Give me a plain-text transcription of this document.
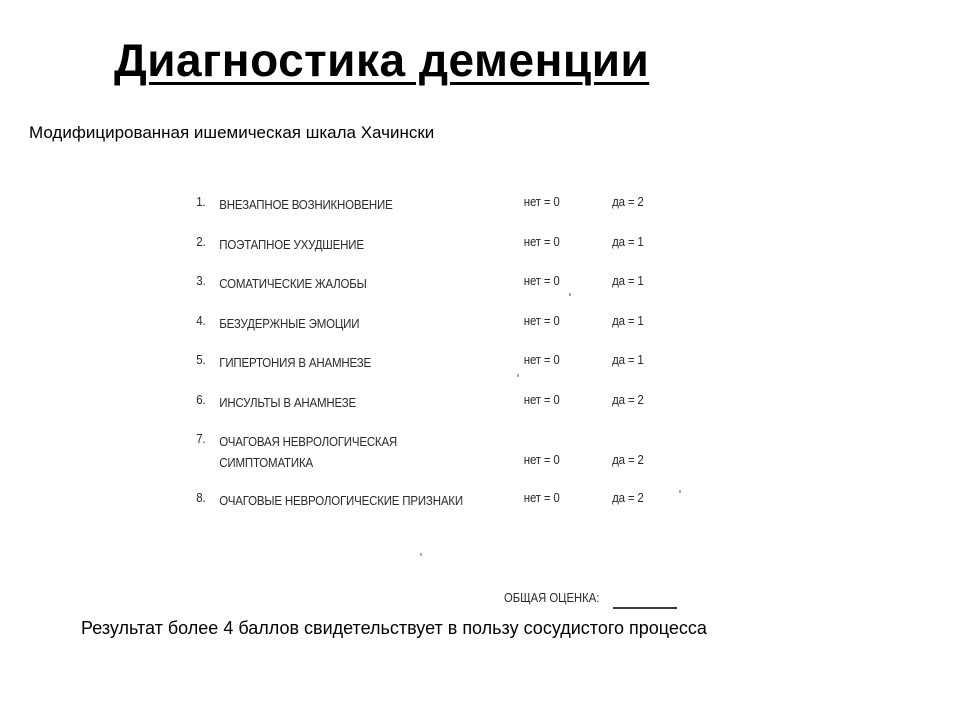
Диагностика деменции
Модифицированная ишемическая шкала Хачински
1. ВНЕЗАПНОЕ ВОЗНИКНОВЕНИЕ	нет = 0	да = 2
2. ПОЭТАПНОЕ УХУДШЕНИЕ	нет = 0	да = 1
3. СОМАТИЧЕСКИЕ ЖАЛОБЫ	нет = 0	да = 1
4. БЕЗУДЕРЖНЫЕ ЭМОЦИИ	нет = 0	да = 1
5. ГИПЕРТОНИЯ В АНАМНЕЗЕ	нет = 0	да = 1
6. ИНСУЛЬТЫ В АНАМНЕЗЕ	нет = 0	да = 2
7. ОЧАГОВАЯ НЕВРОЛОГИЧЕСКАЯ
СИМПТОМАТИКА	нет = 0	да = 2
8. ОЧАГОВЫЕ НЕВРОЛОГИЧЕСКИЕ ПРИЗНАКИ	нет = 0	да = 2
ОБЩАЯ ОЦЕНКА:
Результат более 4 баллов свидетельствует в пользу сосудистого процесса
